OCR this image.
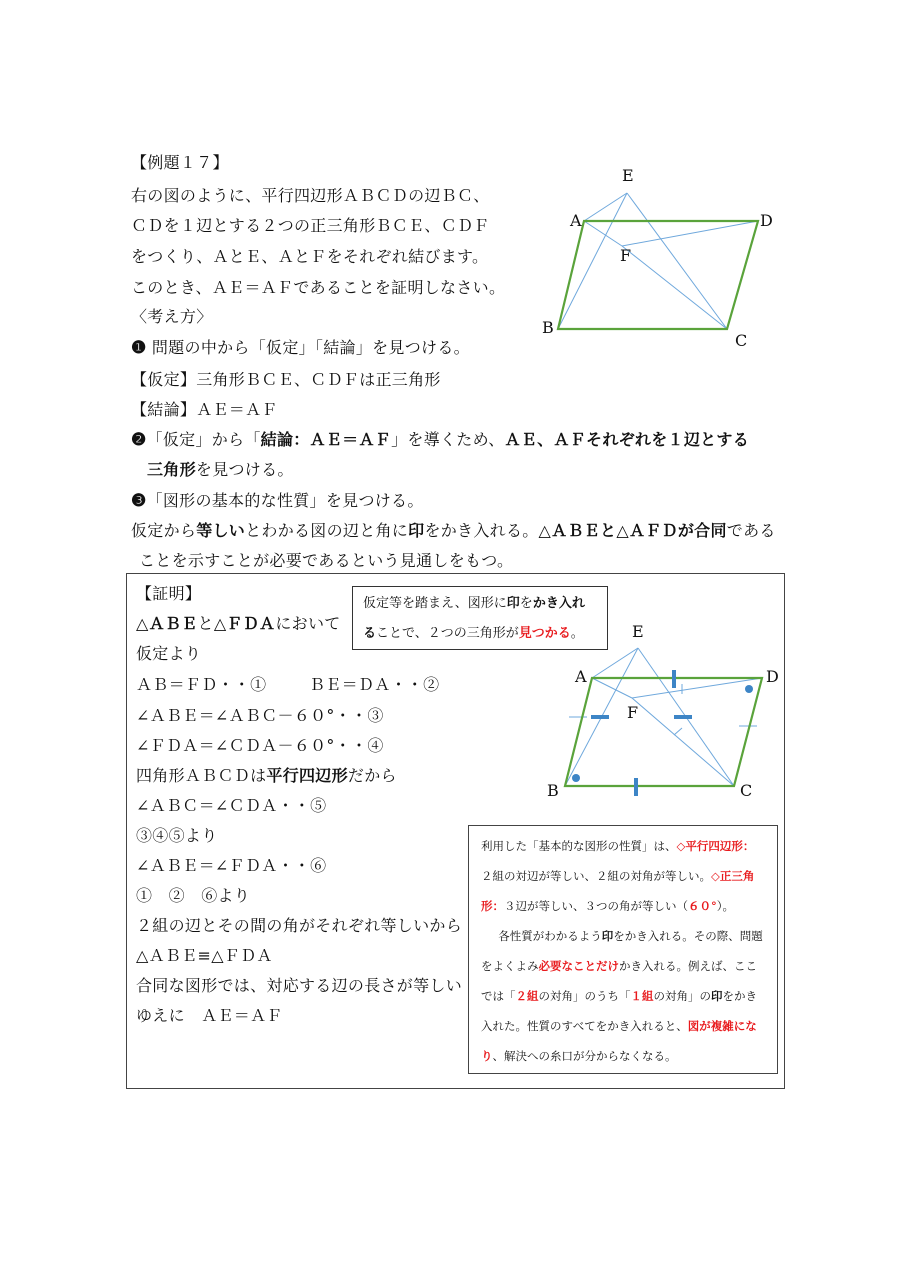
【例題１７】
右の図のように、平行四辺形ＡＢＣＤの辺ＢＣ、
ＣＤを１辺とする２つの正三角形ＢＣＥ、ＣＤＦ
をつくり、ＡとＥ、ＡとＦをそれぞれ結びます。
このとき、ＡＥ＝ＡＦであることを証明しなさい。
〈考え方〉
E
A	D
F
B
C
❶ 問題の中から「仮定」「結論」を見つける。
【仮定】三角形ＢＣＥ、ＣＤＦは正三角形
【結論】ＡＥ＝ＡＦ
❷「仮定」から「結論：ＡＥ＝ＡＦ」を導くため、ＡＥ、ＡＦそれぞれを１辺とする
三角形を見つける。
❸「図形の基本的な性質」を見つける。
仮定から等しいとわかる図の辺と角に印をかき入れる。△ＡＢＥと△ＡＦＤが合同である
ことを示すことが必要であるという見通しをもつ。
【証明】
△ＡＢＥと△ＦＤＡにおいて
仮定より
ＡＢ＝ＦＤ・・①	ＢＥ＝ＤＡ・・②
∠ＡＢＥ＝∠ＡＢＣ－６０°・・③
∠ＦＤＡ＝∠ＣＤＡ－６０°・・④
四角形ＡＢＣＤは平行四辺形だから
∠ＡＢＣ＝∠ＣＤＡ・・⑤
③④⑤より
∠ＡＢＥ＝∠ＦＤＡ・・⑥
①　②　⑥より
２組の辺とその間の角がそれぞれ等しいから
△ＡＢＥ≡△ＦＤＡ
合同な図形では、対応する辺の長さが等しい
ゆえに　ＡＥ＝ＡＦ
仮定等を踏まえ、図形に印をかき入れることで、２つの三角形が見つかる。	E
A	D
F
B	C

利用した「基本的な図形の性質」は、◇平行四辺形：２組の対辺が等しい、２組の対角が等しい。◇正三角形：３辺が等しい、３つの角が等しい（６０°）。

各性質がわかるよう印をかき入れる。その際、問題をよくよみ必要なことだけかき入れる。例えば、ここでは「２組の対角」のうち「１組の対角」の印をかき入れた。性質のすべてをかき入れると、図が複雑になり、解決への糸口が分からなくなる。
